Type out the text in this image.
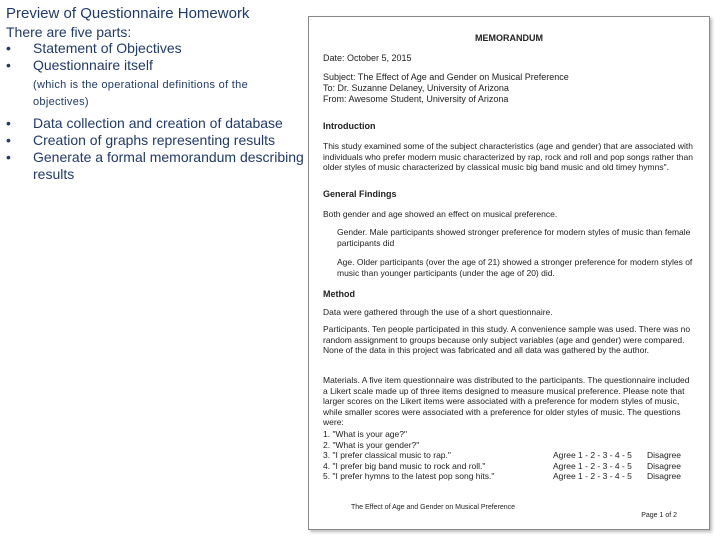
Preview of Questionnaire Homework
There are five parts:
• Statement of Objectives
• Questionnaire itself
(which is the operational definitions of the objectives)
• Data collection and creation of database
• Creation of graphs representing results
• Generate a formal memorandum describing results
MEMORANDUM
Date: October 5, 2015
Subject: The Effect of Age and Gender on Musical Preference
To: Dr. Suzanne Delaney, University of Arizona
From: Awesome Student, University of Arizona
Introduction
This study examined some of the subject characteristics (age and gender) that are associated with individuals who prefer modern music characterized by rap, rock and roll and pop songs rather than older styles of music characterized by classical music big band music and old timey hymns".
General Findings
Both gender and age showed an effect on musical preference.
Gender. Male participants showed stronger preference for modern styles of music than female participants did
Age. Older participants (over the age of 21) showed a stronger preference for modern styles of music than younger participants (under the age of 20) did.
Method
Data were gathered through the use of a short questionnaire.
Participants. Ten people participated in this study. A convenience sample was used. There was no random assignment to groups because only subject variables (age and gender) were compared. None of the data in this project was fabricated and all data was gathered by the author.
Materials. A five item questionnaire was distributed to the participants. The questionnaire included a Likert scale made up of three items designed to measure musical preference. Please note that larger scores on the Likert items were associated with a preference for modern styles of music, while smaller scores were associated with a preference for older styles of music. The questions were:
1. "What is your age?"
2. "What is your gender?"
3. "I prefer classical music to rap."	Agree 1 - 2 - 3 - 4 - 5 Disagree
4. "I prefer big band music to rock and roll."	Agree 1 - 2 - 3 - 4 - 5 Disagree
5. "I prefer hymns to the latest pop song hits."	Agree 1 - 2 - 3 - 4 - 5 Disagree
The Effect of Age and Gender on Musical Preference
Page 1 of 2
